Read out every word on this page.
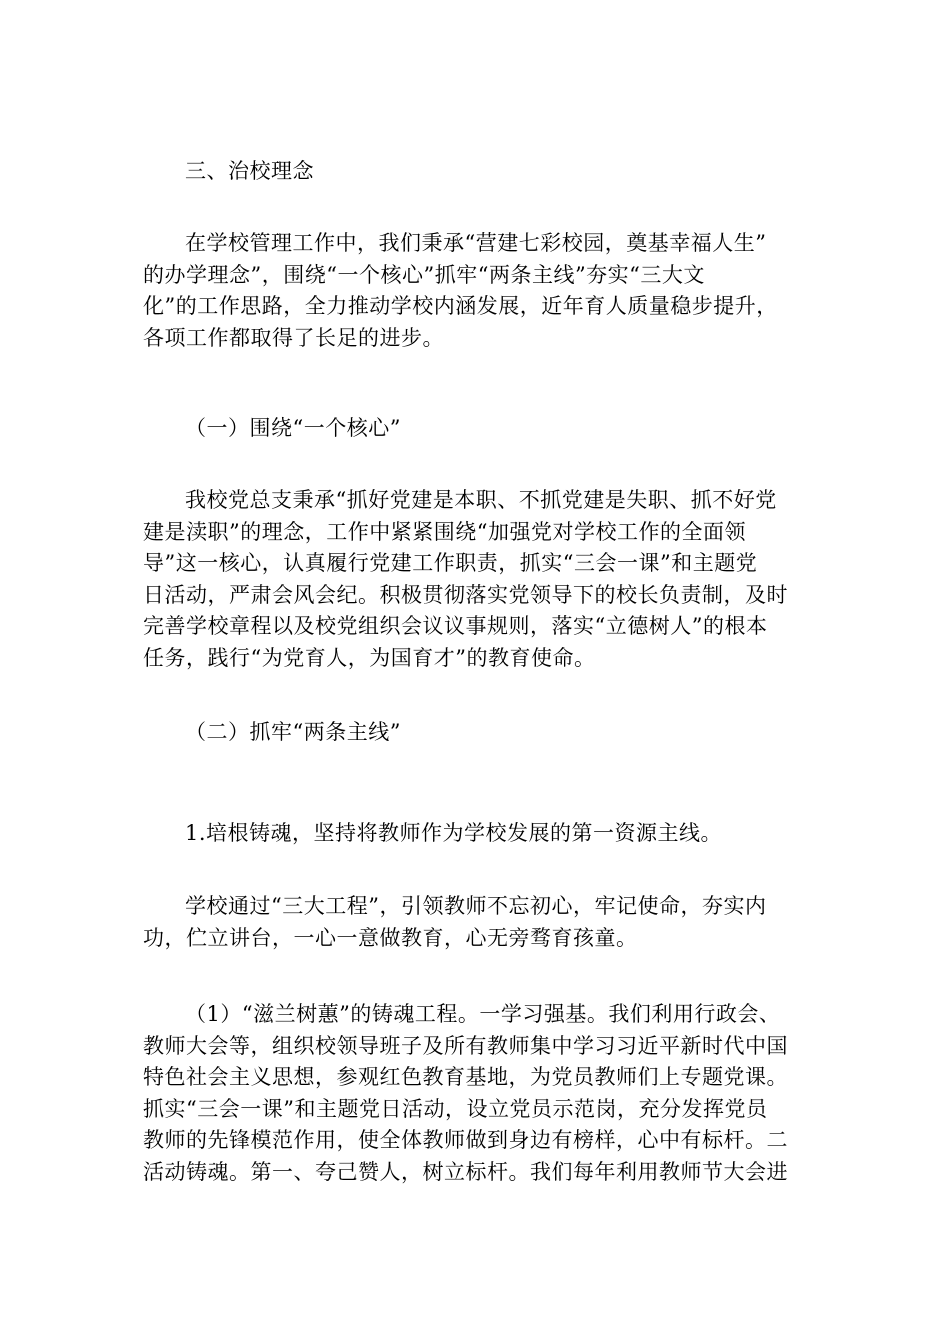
三、治校理念

在学校管理工作中，我们秉承“营建七彩校园，奠基幸福人生”
的办学理念”，围绕“一个核心”抓牢“两条主线”夯实“三大文
化”的工作思路，全力推动学校内涵发展，近年育人质量稳步提升，
各项工作都取得了长足的进步。

（一）围绕“一个核心”

我校党总支秉承“抓好党建是本职、不抓党建是失职、抓不好党
建是渎职”的理念，工作中紧紧围绕“加强党对学校工作的全面领
导”这一核心，认真履行党建工作职责，抓实“三会一课”和主题党
日活动，严肃会风会纪。积极贯彻落实党领导下的校长负责制，及时
完善学校章程以及校党组织会议议事规则，落实“立德树人”的根本
任务，践行“为党育人，为国育才”的教育使命。

（二）抓牢“两条主线”

1.培根铸魂，坚持将教师作为学校发展的第一资源主线。

学校通过“三大工程”，引领教师不忘初心，牢记使命，夯实内
功，伫立讲台，一心一意做教育，心无旁骛育孩童。

（1）“滋兰树蕙”的铸魂工程。一学习强基。我们利用行政会、
教师大会等，组织校领导班子及所有教师集中学习习近平新时代中国
特色社会主义思想，参观红色教育基地，为党员教师们上专题党课。
抓实“三会一课”和主题党日活动，设立党员示范岗，充分发挥党员
教师的先锋模范作用，使全体教师做到身边有榜样，心中有标杆。二
活动铸魂。第一、夸己赞人，树立标杆。我们每年利用教师节大会进
